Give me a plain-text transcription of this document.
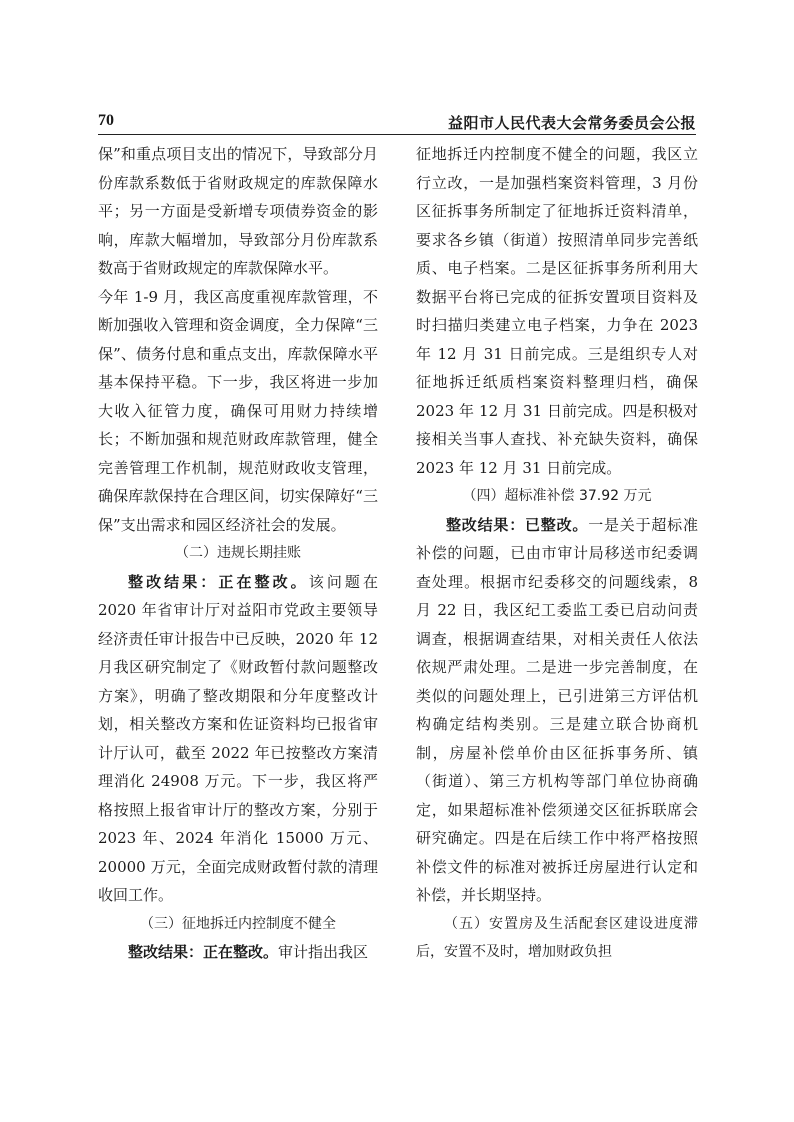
70	益阳市人民代表大会常务委员会公报

保”和重点项目支出的情况下，导致部分月份库款系数低于省财政规定的库款保障水平；另一方面是受新增专项债券资金的影响，库款大幅增加，导致部分月份库款系数高于省财政规定的库款保障水平。

今年 1-9 月，我区高度重视库款管理，不断加强收入管理和资金调度，全力保障“三保”、债务付息和重点支出，库款保障水平基本保持平稳。下一步，我区将进一步加大收入征管力度，确保可用财力持续增长；不断加强和规范财政库款管理，健全完善管理工作机制，规范财政收支管理，确保库款保持在合理区间，切实保障好“三保”支出需求和园区经济社会的发展。

（二）违规长期挂账

整改结果：正在整改。该问题在 2020 年省审计厅对益阳市党政主要领导经济责任审计报告中已反映，2020 年 12 月我区研究制定了《财政暂付款问题整改方案》，明确了整改期限和分年度整改计划，相关整改方案和佐证资料均已报省审计厅认可，截至 2022 年已按整改方案清理消化 24908 万元。下一步，我区将严格按照上报省审计厅的整改方案，分别于 2023 年、2024 年消化 15000 万元、20000 万元，全面完成财政暂付款的清理收回工作。

（三）征地拆迁内控制度不健全

整改结果：正在整改。审计指出我区

征地拆迁内控制度不健全的问题，我区立行立改，一是加强档案资料管理，3 月份区征拆事务所制定了征地拆迁资料清单，要求各乡镇（街道）按照清单同步完善纸质、电子档案。二是区征拆事务所利用大数据平台将已完成的征拆安置项目资料及时扫描归类建立电子档案，力争在 2023 年 12 月 31 日前完成。三是组织专人对征地拆迁纸质档案资料整理归档，确保 2023 年 12 月 31 日前完成。四是积极对接相关当事人查找、补充缺失资料，确保 2023 年 12 月 31 日前完成。

（四）超标准补偿 37.92 万元

整改结果：已整改。一是关于超标准补偿的问题，已由市审计局移送市纪委调查处理。根据市纪委移交的问题线索，8 月 22 日，我区纪工委监工委已启动问责调查，根据调查结果，对相关责任人依法依规严肃处理。二是进一步完善制度，在类似的问题处理上，已引进第三方评估机构确定结构类别。三是建立联合协商机制，房屋补偿单价由区征拆事务所、镇（街道）、第三方机构等部门单位协商确定，如果超标准补偿须递交区征拆联席会研究确定。四是在后续工作中将严格按照补偿文件的标准对被拆迁房屋进行认定和补偿，并长期坚持。

（五）安置房及生活配套区建设进度滞后，安置不及时，增加财政负担
